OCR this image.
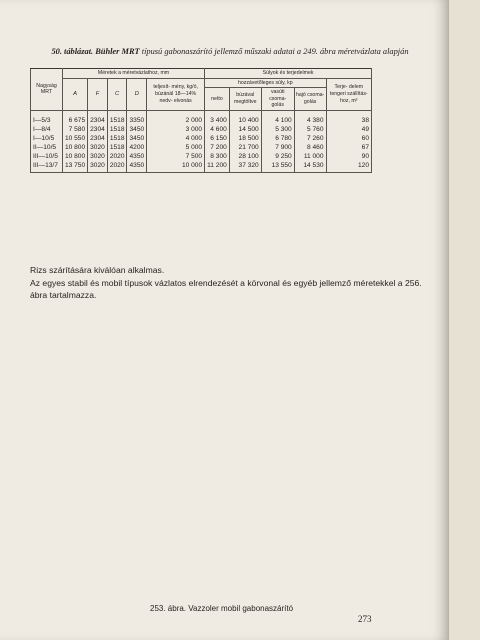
50. táblázat. Bühler MRT típusú gabonaszárító jellemző műszaki adatai a 249. ábra méretvázlata alapján
Nagyság MRT	Méretek a méretvázlathoz, mm					Súlyok és terjedelmek				
	A	F	C	D	teljesít- mény, kg/ó, búzánál 18—14% nedv- elvonás	hozzávetőleges súly, kp				Terje- delem tengeri szállítás- hoz, m³
						netto	búzával megtöltve	vasúti csoma- golás	hajó csoma- golás	
I—5/3	6 675	2304	1518	3350	2 000	3 400	10 400	4 100	4 380	38
I—8/4	7 580	2304	1518	3450	3 000	4 600	14 500	5 300	5 760	49
I—10/5	10 550	2304	1518	3450	4 000	6 150	18 500	6 780	7 260	60
II—10/5	10 800	3020	1518	4200	5 000	7 200	21 700	7 900	8 460	67
III—10/5	10 800	3020	2020	4350	7 500	8 300	28 100	9 250	11 000	90
III—13/7	13 750	3020	2020	4350	10 000	11 200	37 320	13 550	14 530	120
Rizs szárítására kiválóan alkalmas.
Az egyes stabil és mobil típusok vázlatos elrendezését a körvonal és egyéb jellemző méretekkel a 256. ábra tartalmazza.
253. ábra. Vazzoler mobil gabonaszárító
273
